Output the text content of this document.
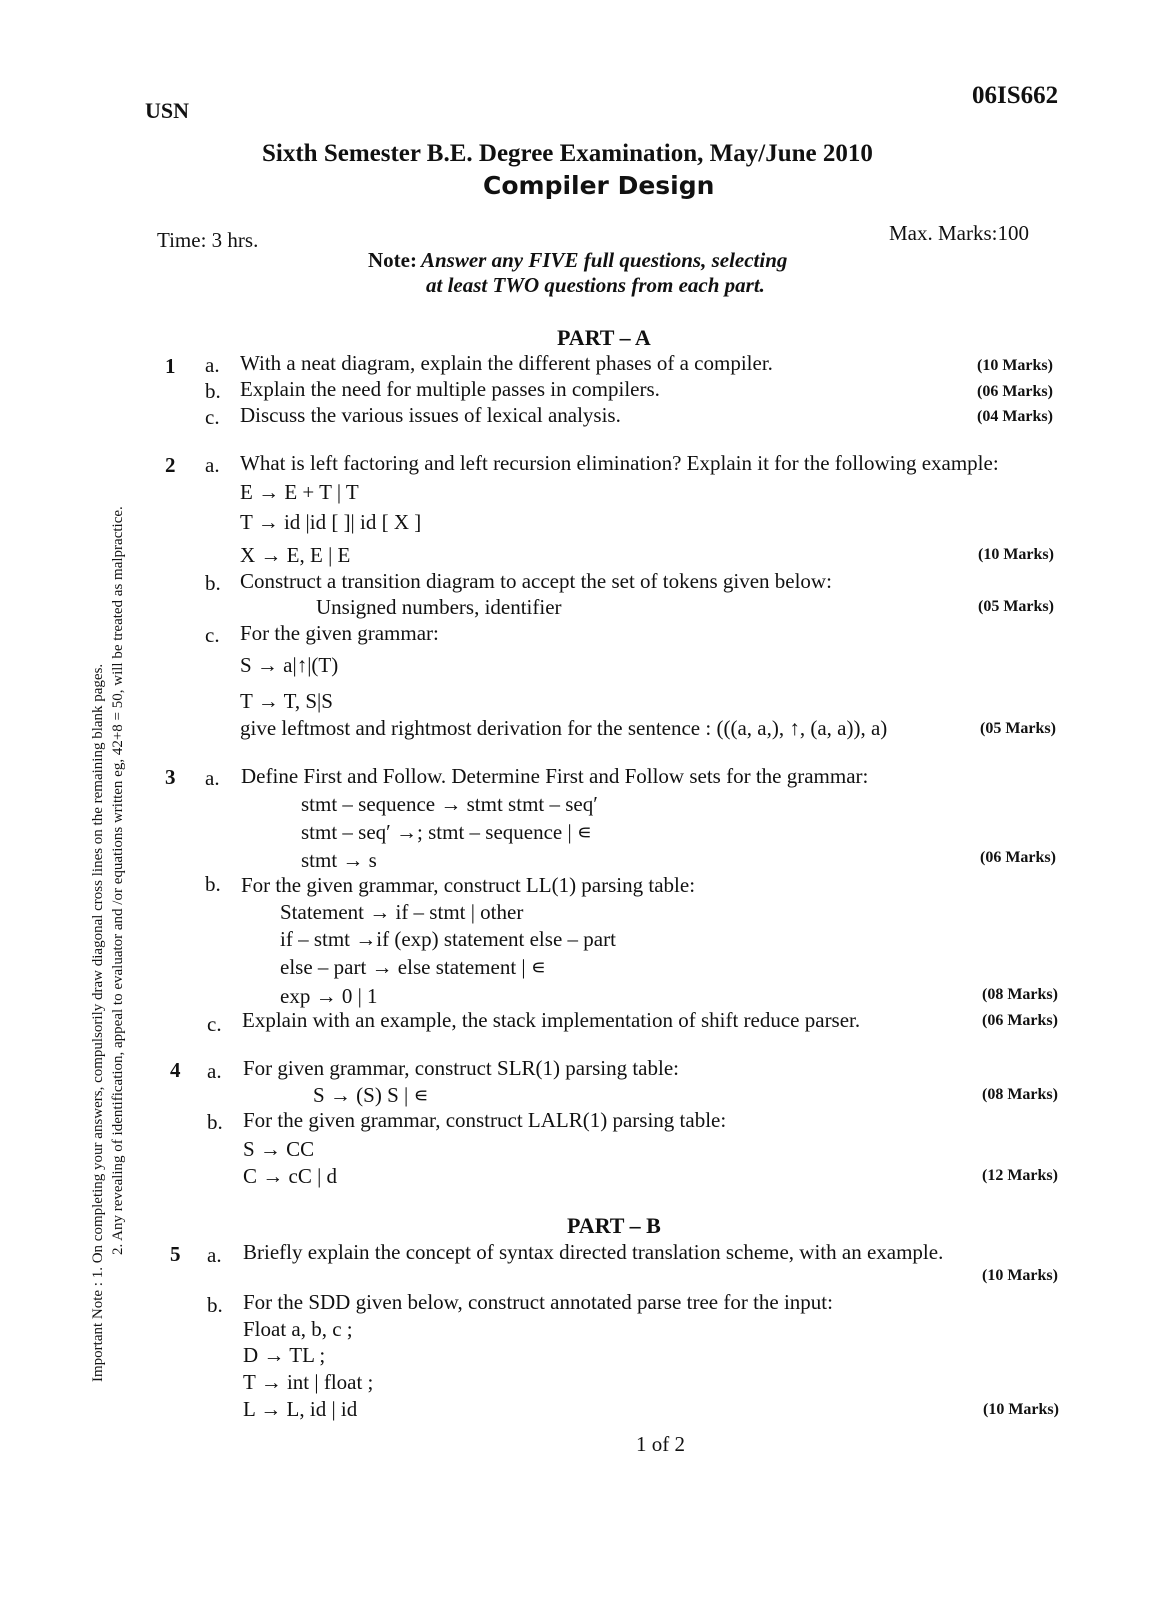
USN
06IS662
Sixth Semester B.E. Degree Examination, May/June 2010
Compiler Design
Time: 3 hrs.	Max. Marks:100
Note: Answer any FIVE full questions, selecting
at least TWO questions from each part.
Important Note : 1. On completing your answers, compulsorily draw diagonal cross lines on the remaining blank pages. 2. Any revealing of identification, appeal to evaluator and /or equations written eg, 42+8 = 50, will be treated as malpractice.
PART – A
1 a. With a neat diagram, explain the different phases of a compiler.	(10 Marks)
b. Explain the need for multiple passes in compilers.	(06 Marks)
c. Discuss the various issues of lexical analysis.	(04 Marks)
2 a. What is left factoring and left recursion elimination? Explain it for the following example:
E → E + T | T
T → id |id [ ]| id [ X ]
X → E, E | E	(10 Marks)
b. Construct a transition diagram to accept the set of tokens given below:
Unsigned numbers, identifier	(05 Marks)
c. For the given grammar:
S → a|↑|(T)
T → T, S|S
give leftmost and rightmost derivation for the sentence : (((a, a,), ↑, (a, a)), a)	(05 Marks)
3 a. Define First and Follow. Determine First and Follow sets for the grammar:
stmt – sequence → stmt stmt – seq′
stmt – seq′ →; stmt – sequence | ∊
stmt → s	(06 Marks)
b. For the given grammar, construct LL(1) parsing table:
Statement → if – stmt | other
if – stmt →if (exp) statement else – part
else – part → else statement | ∊
exp → 0 | 1	(08 Marks)
c. Explain with an example, the stack implementation of shift reduce parser.	(06 Marks)
4 a. For given grammar, construct SLR(1) parsing table:
S → (S) S | ∊	(08 Marks)
b. For the given grammar, construct LALR(1) parsing table:
S → CC
C → cC | d	(12 Marks)
PART – B
5 a. Briefly explain the concept of syntax directed translation scheme, with an example.
(10 Marks)
b. For the SDD given below, construct annotated parse tree for the input:
Float a, b, c ;
D → TL ;
T → int | float ;
L → L, id | id	(10 Marks)
1 of 2
